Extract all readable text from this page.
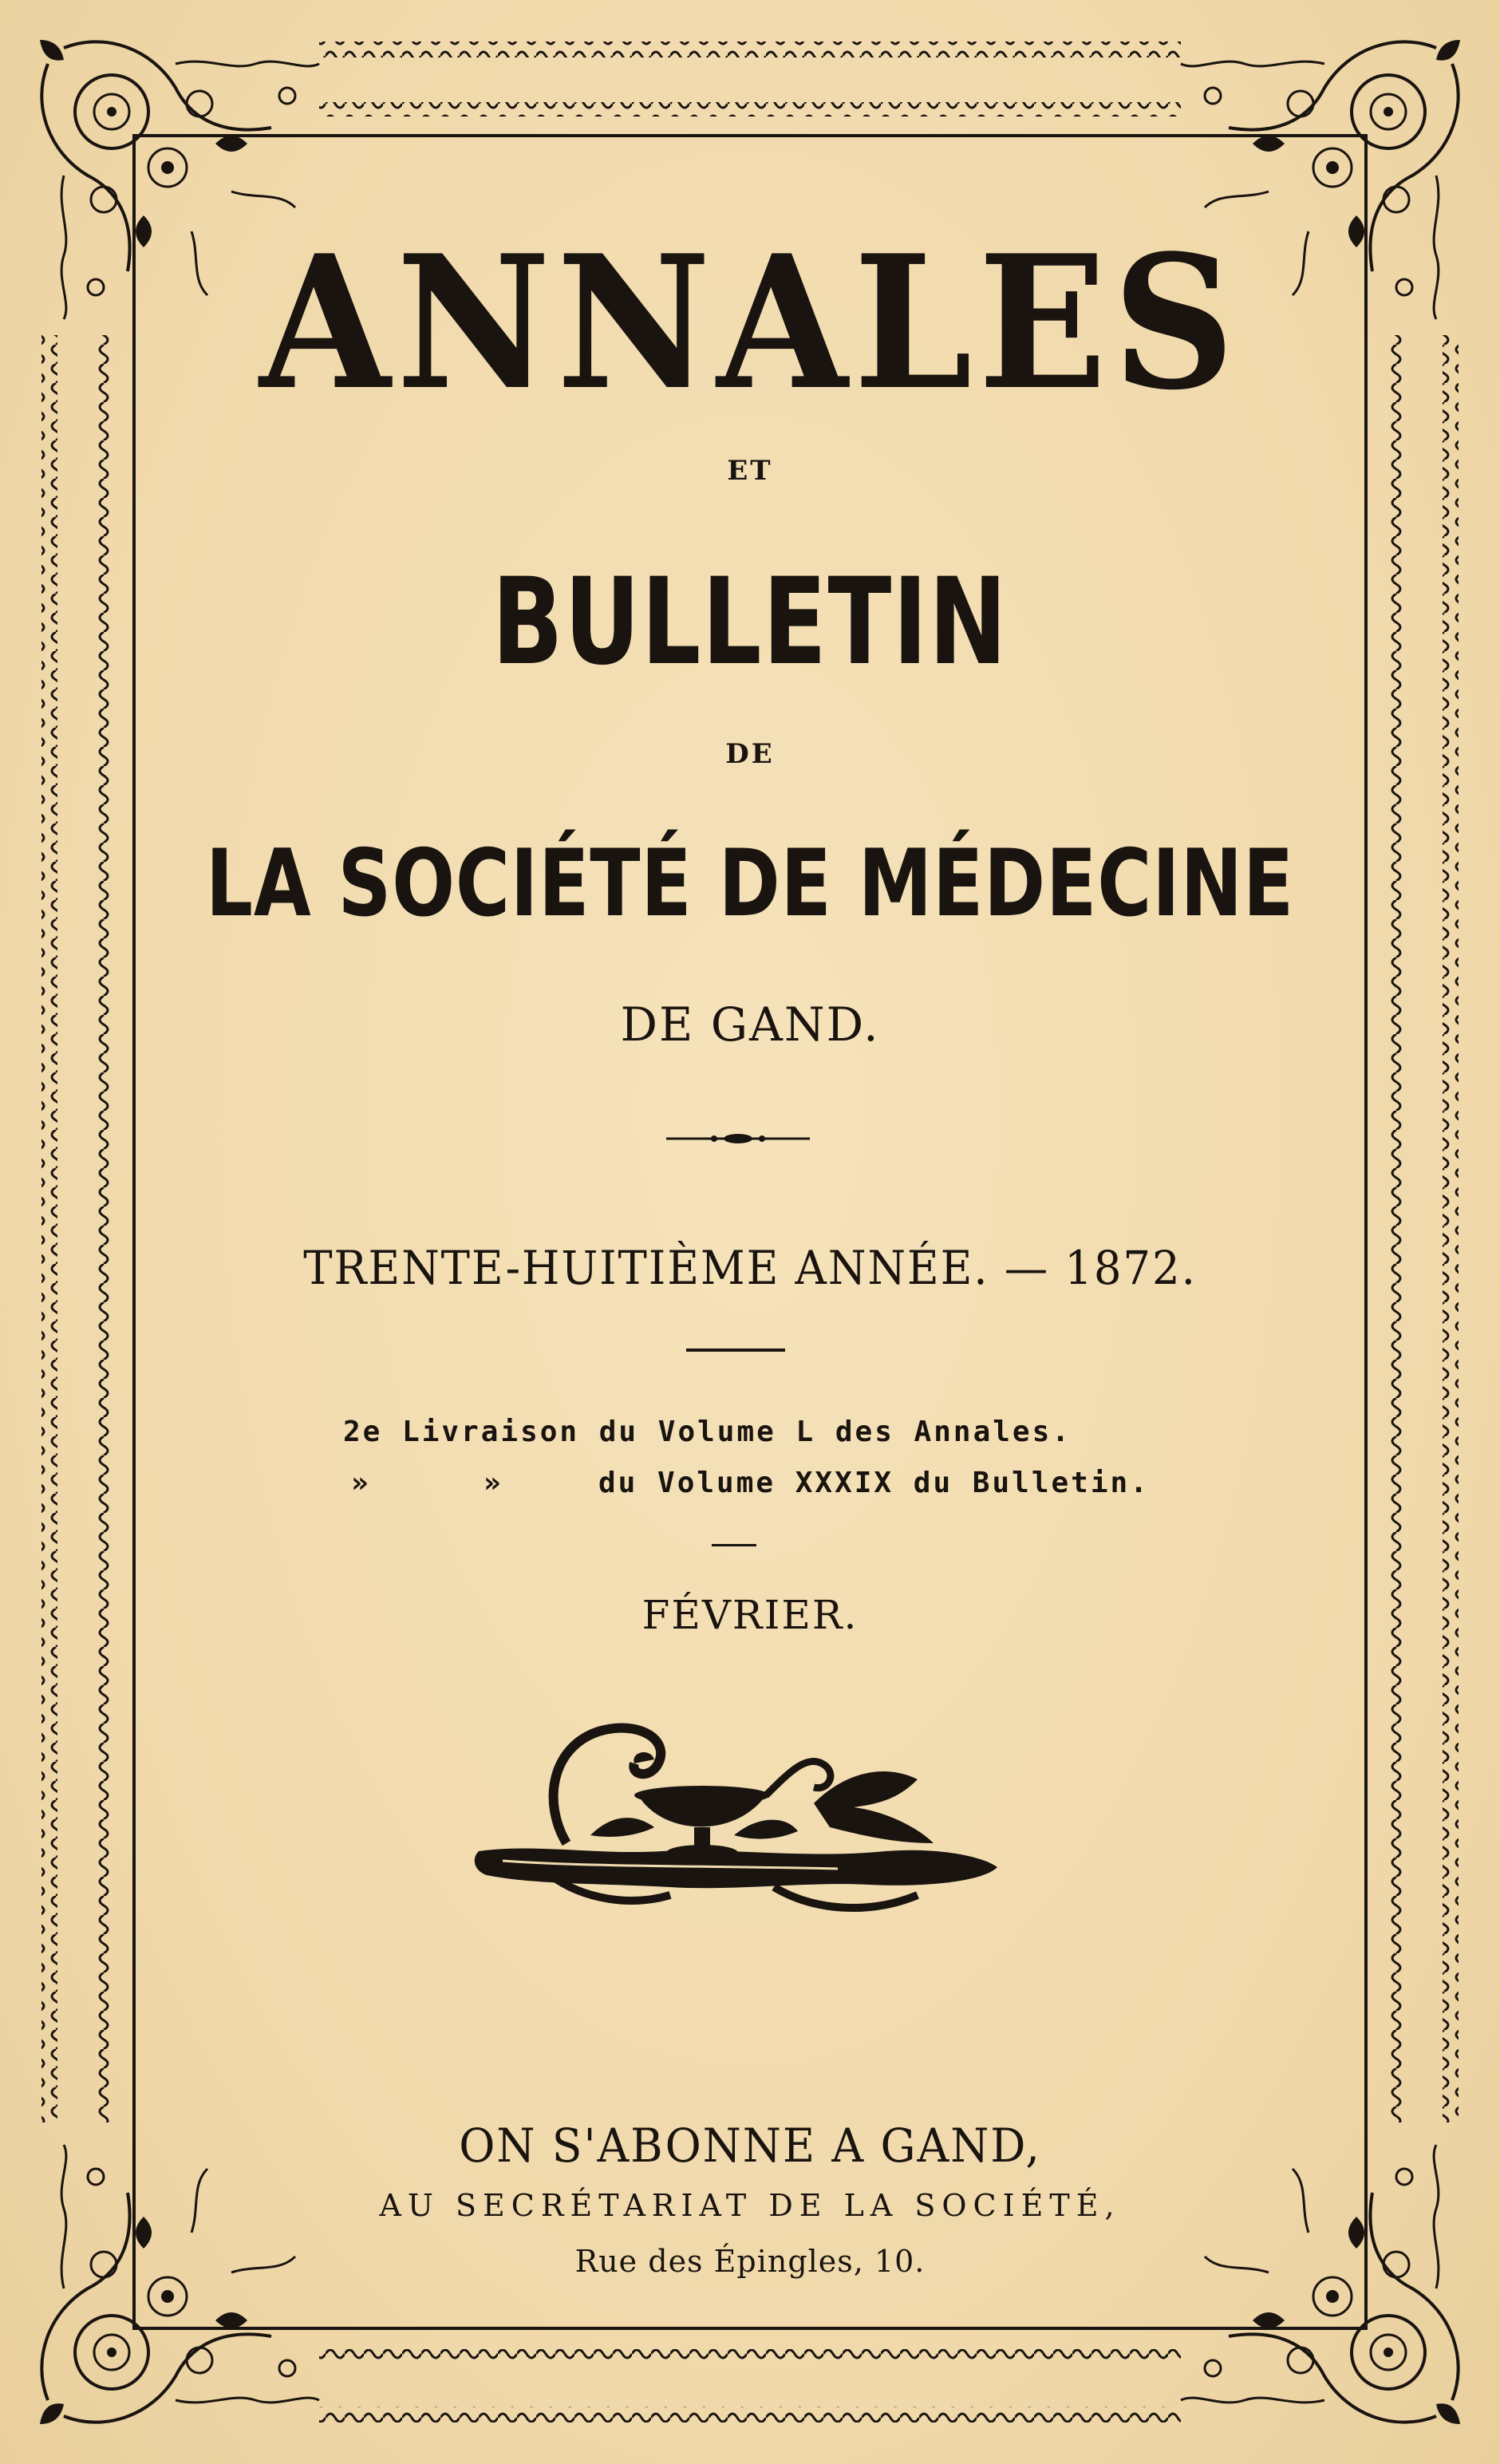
ANNALES
ET
BULLETIN
DE
LA SOCIÉTÉ DE MÉDECINE
DE GAND.
TRENTE-HUITIÈME ANNÉE. — 1872.
2e Livraison du Volume L des Annales.
»	»	du Volume XXXIX du Bulletin.
FÉVRIER.
ON S'ABONNE A GAND,
AU SECRÉTARIAT DE LA SOCIÉTÉ,
Rue des Épingles, 10.
